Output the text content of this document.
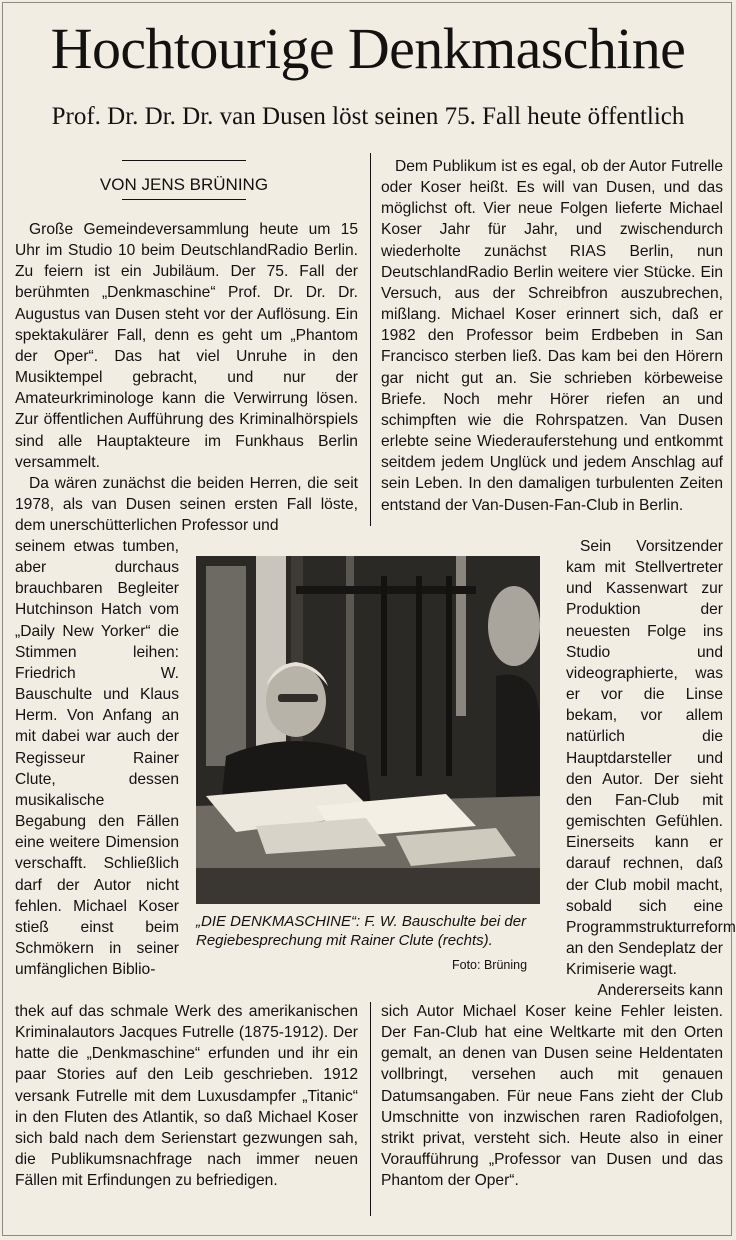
Hochtourige Denkmaschine
Prof. Dr. Dr. Dr. van Dusen löst seinen 75. Fall heute öffentlich
VON JENS BRÜNING

Große Gemeindeversammlung heute um 15 Uhr im Studio 10 beim DeutschlandRadio Berlin. Zu feiern ist ein Jubiläum. Der 75. Fall der berühmten „Denkmaschine“ Prof. Dr. Dr. Dr. Augustus van Dusen steht vor der Auflösung. Ein spektakulärer Fall, denn es geht um „Phantom der Oper“. Das hat viel Unruhe in den Musiktempel gebracht, und nur der Amateurkriminologe kann die Verwirrung lösen. Zur öffentlichen Aufführung des Kriminalhörspiels sind alle Hauptakteure im Funkhaus Berlin versammelt.

Da wären zunächst die beiden Herren, die seit 1978, als van Dusen seinen ersten Fall löste, dem unerschütterlichen Professor und

seinem etwas tumben, aber durchaus brauchbaren Begleiter Hutchinson Hatch vom „Daily New Yorker“ die Stimmen leihen: Friedrich W. Bauschulte und Klaus Herm. Von Anfang an mit dabei war auch der Regisseur Rainer Clute, dessen musikalische Begabung den Fällen eine weitere Dimension verschafft. Schließlich darf der Autor nicht fehlen. Michael Koser stieß einst beim Schmökern in seiner umfänglichen Biblio-

thek auf das schmale Werk des amerikanischen Kriminalautors Jacques Futrelle (1875-1912). Der hatte die „Denkmaschine“ erfunden und ihr ein paar Stories auf den Leib geschrieben. 1912 versank Futrelle mit dem Luxusdampfer „Titanic“ in den Fluten des Atlantik, so daß Michael Koser sich bald nach dem Serienstart gezwungen sah, die Publikumsnachfrage nach immer neuen Fällen mit Erfindungen zu befriedigen.

Dem Publikum ist es egal, ob der Autor Futrelle oder Koser heißt. Es will van Dusen, und das möglichst oft. Vier neue Folgen lieferte Michael Koser Jahr für Jahr, und zwischendurch wiederholte zunächst RIAS Berlin, nun DeutschlandRadio Berlin weitere vier Stücke. Ein Versuch, aus der Schreibfron auszubrechen, mißlang. Michael Koser erinnert sich, daß er 1982 den Professor beim Erdbeben in San Francisco sterben ließ. Das kam bei den Hörern gar nicht gut an. Sie schrieben körbeweise Briefe. Noch mehr Hörer riefen an und schimpften wie die Rohrspatzen. Van Dusen erlebte seine Wiederauferstehung und entkommt seitdem jedem Unglück und jedem Anschlag auf sein Leben. In den damaligen turbulenten Zeiten entstand der Van-Dusen-Fan-Club in Berlin.

Sein Vorsitzender kam mit Stellvertreter und Kassenwart zur Produktion der neuesten Folge ins Studio und videographierte, was er vor die Linse bekam, vor allem natürlich die Hauptdarsteller und den Autor. Der sieht den Fan-Club mit gemischten Gefühlen. Einerseits kann er darauf rechnen, daß der Club mobil macht, sobald sich eine Programmstrukturreform an den Sendeplatz der Krimiserie wagt.

Andererseits kann

sich Autor Michael Koser keine Fehler leisten. Der Fan-Club hat eine Weltkarte mit den Orten gemalt, an denen van Dusen seine Heldentaten vollbringt, versehen auch mit genauen Datumsangaben. Für neue Fans zieht der Club Umschnitte von inzwischen raren Radiofolgen, strikt privat, versteht sich. Heute also in einer Voraufführung „Professor van Dusen und das Phantom der Oper“.

„DIE DENKMASCHINE“: F. W. Bauschulte bei der Regiebesprechung mit Rainer Clute (rechts).
Foto: Brüning
